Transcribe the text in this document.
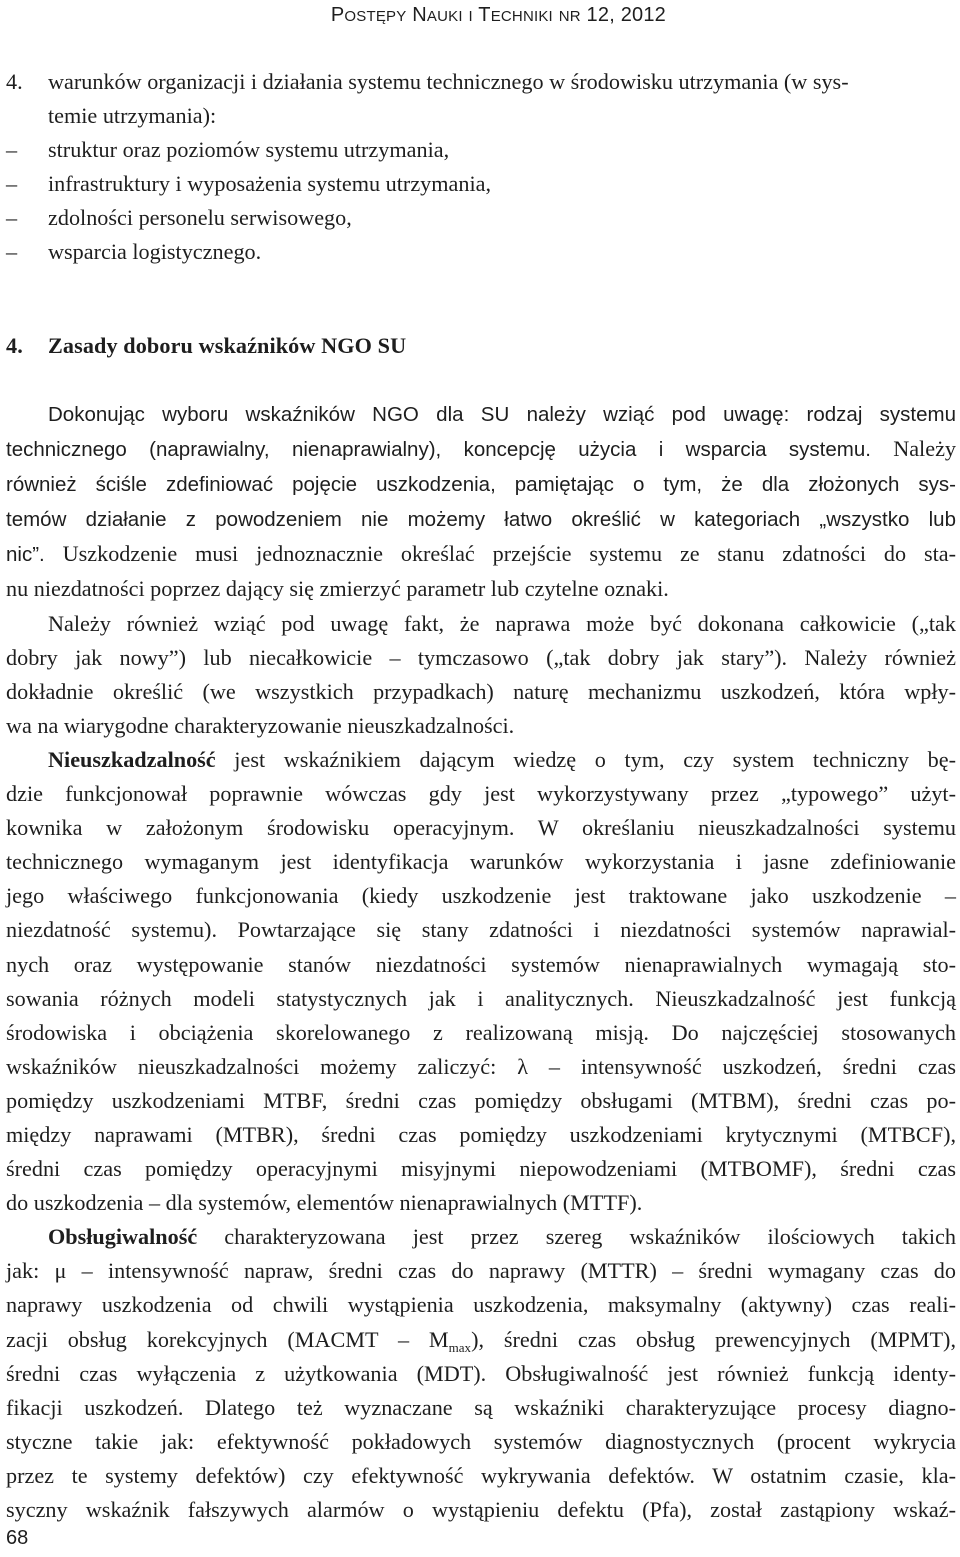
POSTĘPY NAUKI I TECHNIKI NR 12, 2012
4. warunków organizacji i działania systemu technicznego w środowisku utrzymania (w sys-
temie utrzymania):
– struktur oraz poziomów systemu utrzymania,
– infrastruktury i wyposażenia systemu utrzymania,
– zdolności personelu serwisowego,
– wsparcia logistycznego.
4. Zasady doboru wskaźników NGO SU
Dokonując wyboru wskaźników NGO dla SU należy wziąć pod uwagę: rodzaj systemu
technicznego (naprawialny, nienaprawialny), koncepcję użycia i wsparcia systemu. Należy
również ściśle zdefiniować pojęcie uszkodzenia, pamiętając o tym, że dla złożonych sys-
temów działanie z powodzeniem nie możemy łatwo określić w kategoriach „wszystko lub
nic”. Uszkodzenie musi jednoznacznie określać przejście systemu ze stanu zdatności do sta-
nu niezdatności poprzez dający się zmierzyć parametr lub czytelne oznaki.
Należy również wziąć pod uwagę fakt, że naprawa może być dokonana całkowicie („tak
dobry jak nowy”) lub niecałkowicie – tymczasowo („tak dobry jak stary”). Należy również
dokładnie określić (we wszystkich przypadkach) naturę mechanizmu uszkodzeń, która wpły-
wa na wiarygodne charakteryzowanie nieuszkadzalności.
Nieuszkadzalność jest wskaźnikiem dającym wiedzę o tym, czy system techniczny bę-
dzie funkcjonował poprawnie wówczas gdy jest wykorzystywany przez „typowego” użyt-
kownika w założonym środowisku operacyjnym. W określaniu nieuszkadzalności systemu
technicznego wymaganym jest identyfikacja warunków wykorzystania i jasne zdefiniowanie
jego właściwego funkcjonowania (kiedy uszkodzenie jest traktowane jako uszkodzenie –
niezdatność systemu). Powtarzające się stany zdatności i niezdatności systemów naprawial-
nych oraz występowanie stanów niezdatności systemów nienaprawialnych wymagają sto-
sowania różnych modeli statystycznych jak i analitycznych. Nieuszkadzalność jest funkcją
środowiska i obciążenia skorelowanego z realizowaną misją. Do najczęściej stosowanych
wskaźników nieuszkadzalności możemy zaliczyć: λ – intensywność uszkodzeń, średni czas
pomiędzy uszkodzeniami MTBF, średni czas pomiędzy obsługami (MTBM), średni czas po-
między naprawami (MTBR), średni czas pomiędzy uszkodzeniami krytycznymi (MTBCF),
średni czas pomiędzy operacyjnymi misyjnymi niepowodzeniami (MTBOMF), średni czas
do uszkodzenia – dla systemów, elementów nienaprawialnych (MTTF).
Obsługiwalność charakteryzowana jest przez szereg wskaźników ilościowych takich
jak: μ – intensywność napraw, średni czas do naprawy (MTTR) – średni wymagany czas do
naprawy uszkodzenia od chwili wystąpienia uszkodzenia, maksymalny (aktywny) czas reali-
zacji obsług korekcyjnych (MACMT – $M_{max}$), średni czas obsług prewencyjnych (MPMT),
średni czas wyłączenia z użytkowania (MDT). Obsługiwalność jest również funkcją identy-
fikacji uszkodzeń. Dlatego też wyznaczane są wskaźniki charakteryzujące procesy diagno-
styczne takie jak: efektywność pokładowych systemów diagnostycznych (procent wykrycia
przez te systemy defektów) czy efektywność wykrywania defektów. W ostatnim czasie, kla-
syczny wskaźnik fałszywych alarmów o wystąpieniu defektu (Pfa), został zastąpiony wskaź-
68
